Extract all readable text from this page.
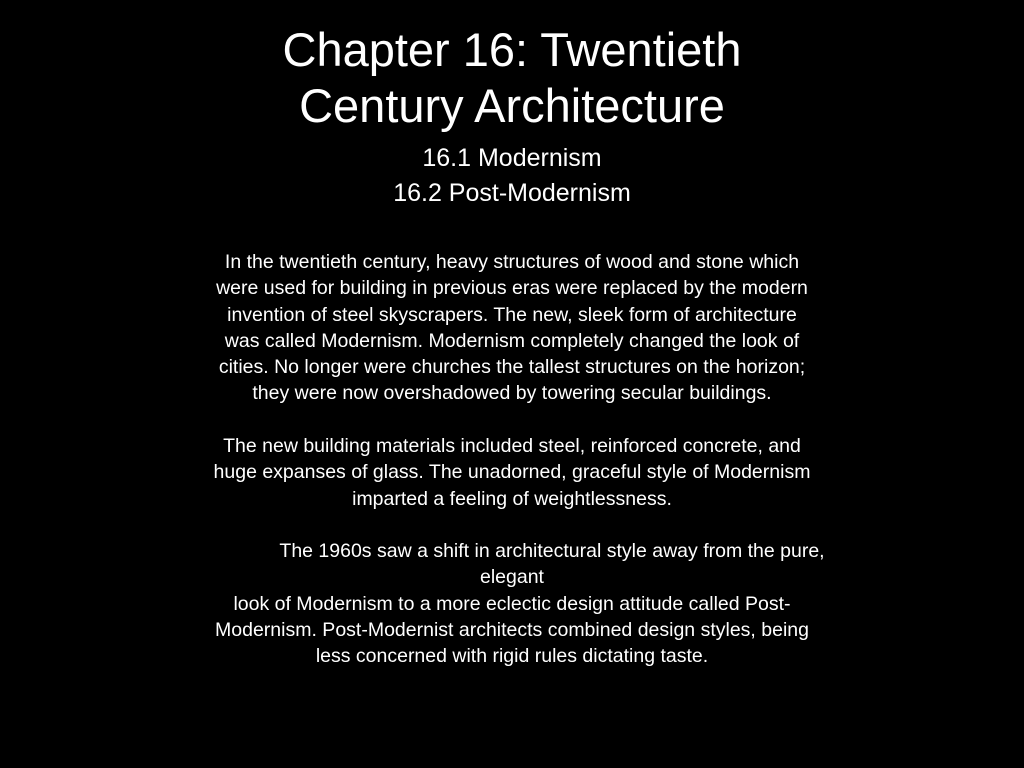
Chapter 16: Twentieth
Century Architecture
16.1 Modernism
16.2 Post-Modernism
In the twentieth century, heavy structures of wood and stone which
were used for building in previous eras were replaced by the modern
invention of steel skyscrapers. The new, sleek form of architecture
was called Modernism. Modernism completely changed the look of
cities. No longer were churches the tallest structures on the horizon;
they were now overshadowed by towering secular buildings.
The new building materials included steel, reinforced concrete, and
huge expanses of glass. The unadorned, graceful style of Modernism
imparted a feeling of weightlessness.
The 1960s saw a shift in architectural style away from the pure,
elegant
look of Modernism to a more eclectic design attitude called Post-
Modernism. Post-Modernist architects combined design styles, being
less concerned with rigid rules dictating taste.
